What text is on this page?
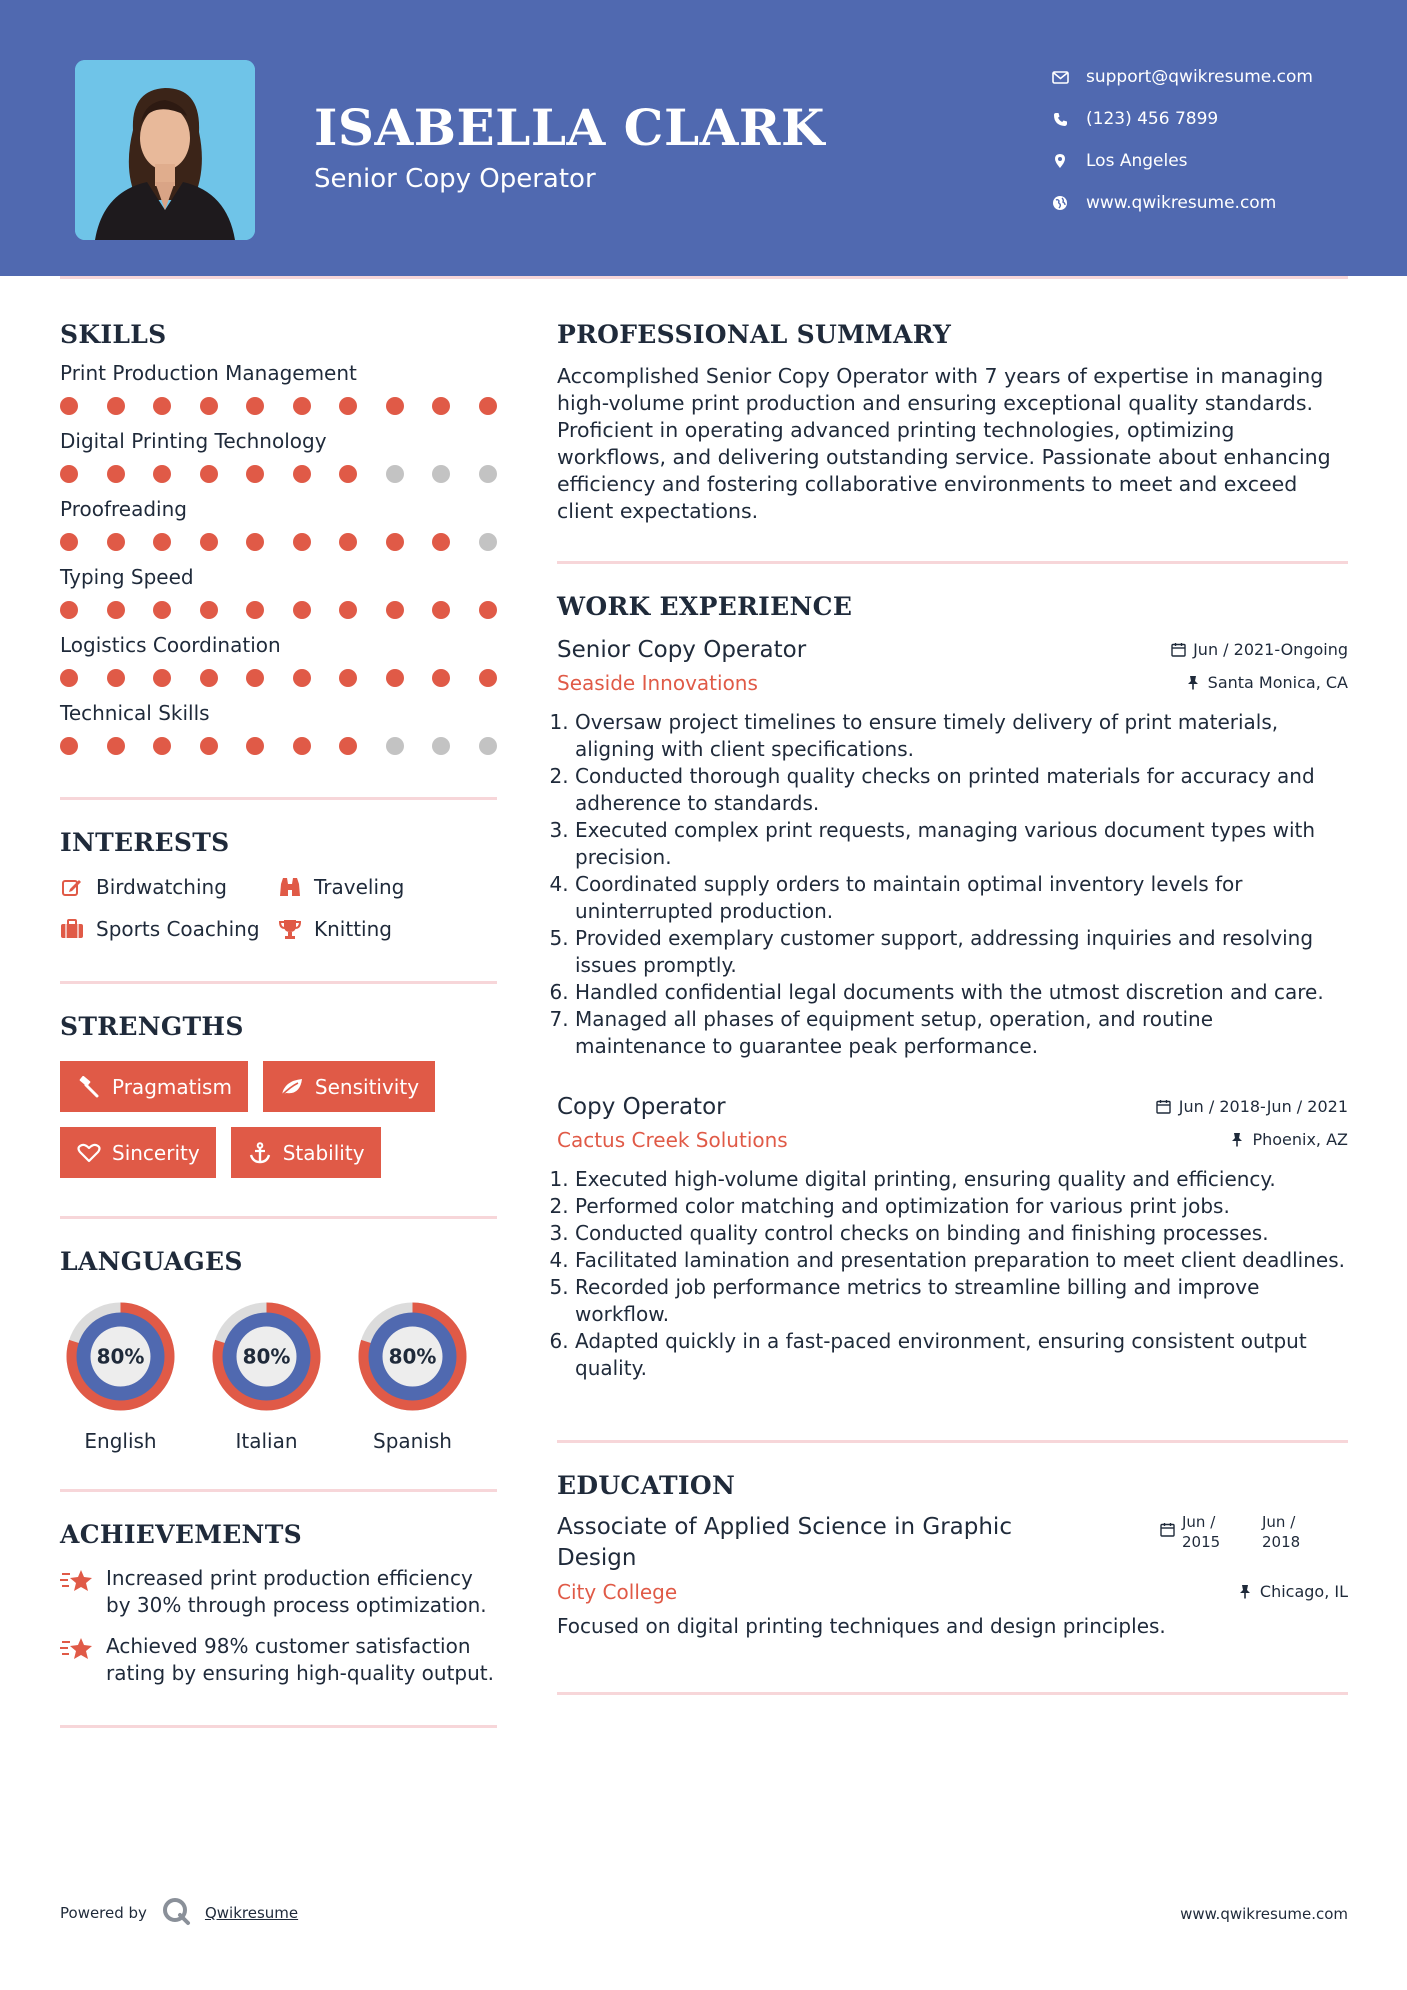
ISABELLA CLARK
Senior Copy Operator
support@qwikresume.com
(123) 456 7899
Los Angeles
www.qwikresume.com
SKILLS
Print Production Management
Digital Printing Technology
Proofreading
Typing Speed
Logistics Coordination
Technical Skills
INTERESTS
Birdwatching	Traveling
Sports Coaching	Knitting
STRENGTHS
Pragmatism	Sensitivity
Sincerity	Stability
LANGUAGES
80%
English
80%
Italian
80%
Spanish
ACHIEVEMENTS
Increased print production efficiency by 30% through process optimization.
Achieved 98% customer satisfaction rating by ensuring high-quality output.
PROFESSIONAL SUMMARY
Accomplished Senior Copy Operator with 7 years of expertise in managing high-volume print production and ensuring exceptional quality standards. Proficient in operating advanced printing technologies, optimizing workflows, and delivering outstanding service. Passionate about enhancing efficiency and fostering collaborative environments to meet and exceed client expectations.
WORK EXPERIENCE
Senior Copy Operator	Jun / 2021-Ongoing
Seaside Innovations	Santa Monica, CA
1. Oversaw project timelines to ensure timely delivery of print materials, aligning with client specifications.
2. Conducted thorough quality checks on printed materials for accuracy and adherence to standards.
3. Executed complex print requests, managing various document types with precision.
4. Coordinated supply orders to maintain optimal inventory levels for uninterrupted production.
5. Provided exemplary customer support, addressing inquiries and resolving issues promptly.
6. Handled confidential legal documents with the utmost discretion and care.
7. Managed all phases of equipment setup, operation, and routine maintenance to guarantee peak performance.
Copy Operator	Jun / 2018-Jun / 2021
Cactus Creek Solutions	Phoenix, AZ
1. Executed high-volume digital printing, ensuring quality and efficiency.
2. Performed color matching and optimization for various print jobs.
3. Conducted quality control checks on binding and finishing processes.
4. Facilitated lamination and presentation preparation to meet client deadlines.
5. Recorded job performance metrics to streamline billing and improve workflow.
6. Adapted quickly in a fast-paced environment, ensuring consistent output quality.
EDUCATION
Associate of Applied Science in Graphic Design
Jun / 2015
Jun / 2018
City College	Chicago, IL
Focused on digital printing techniques and design principles.
Powered by	Qwikresume	www.qwikresume.com
